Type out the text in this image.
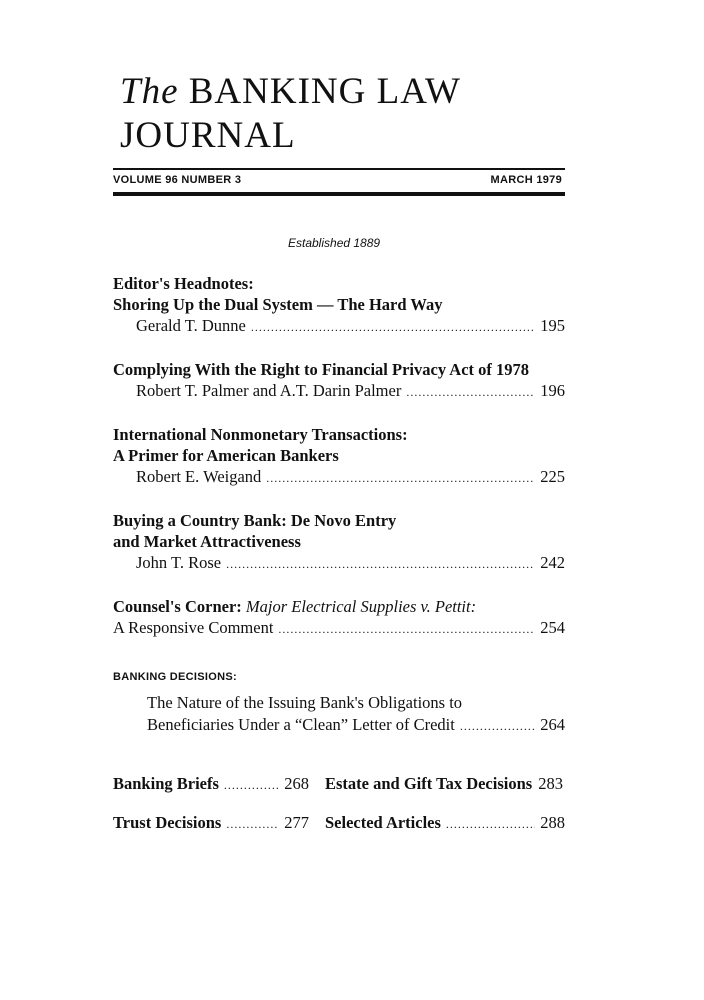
The BANKING LAW JOURNAL
VOLUME 96 NUMBER 3	MARCH 1979
Established 1889
Editor's Headnotes:
Shoring Up the Dual System — The Hard Way
Gerald T. Dunne .....	195
Complying With the Right to Financial Privacy Act of 1978
Robert T. Palmer and A.T. Darin Palmer .....	196
International Nonmonetary Transactions:
A Primer for American Bankers
Robert E. Weigand .....	225
Buying a Country Bank: De Novo Entry
and Market Attractiveness
John T. Rose .....	242
Counsel's Corner: Major Electrical Supplies v. Pettit:
A Responsive Comment .....	254
BANKING DECISIONS:
The Nature of the Issuing Bank's Obligations to
Beneficiaries Under a “Clean” Letter of Credit .....	264
Banking Briefs .....	268 Estate and Gift Tax Decisions 283
Trust Decisions .....	277 Selected Articles .....	288
